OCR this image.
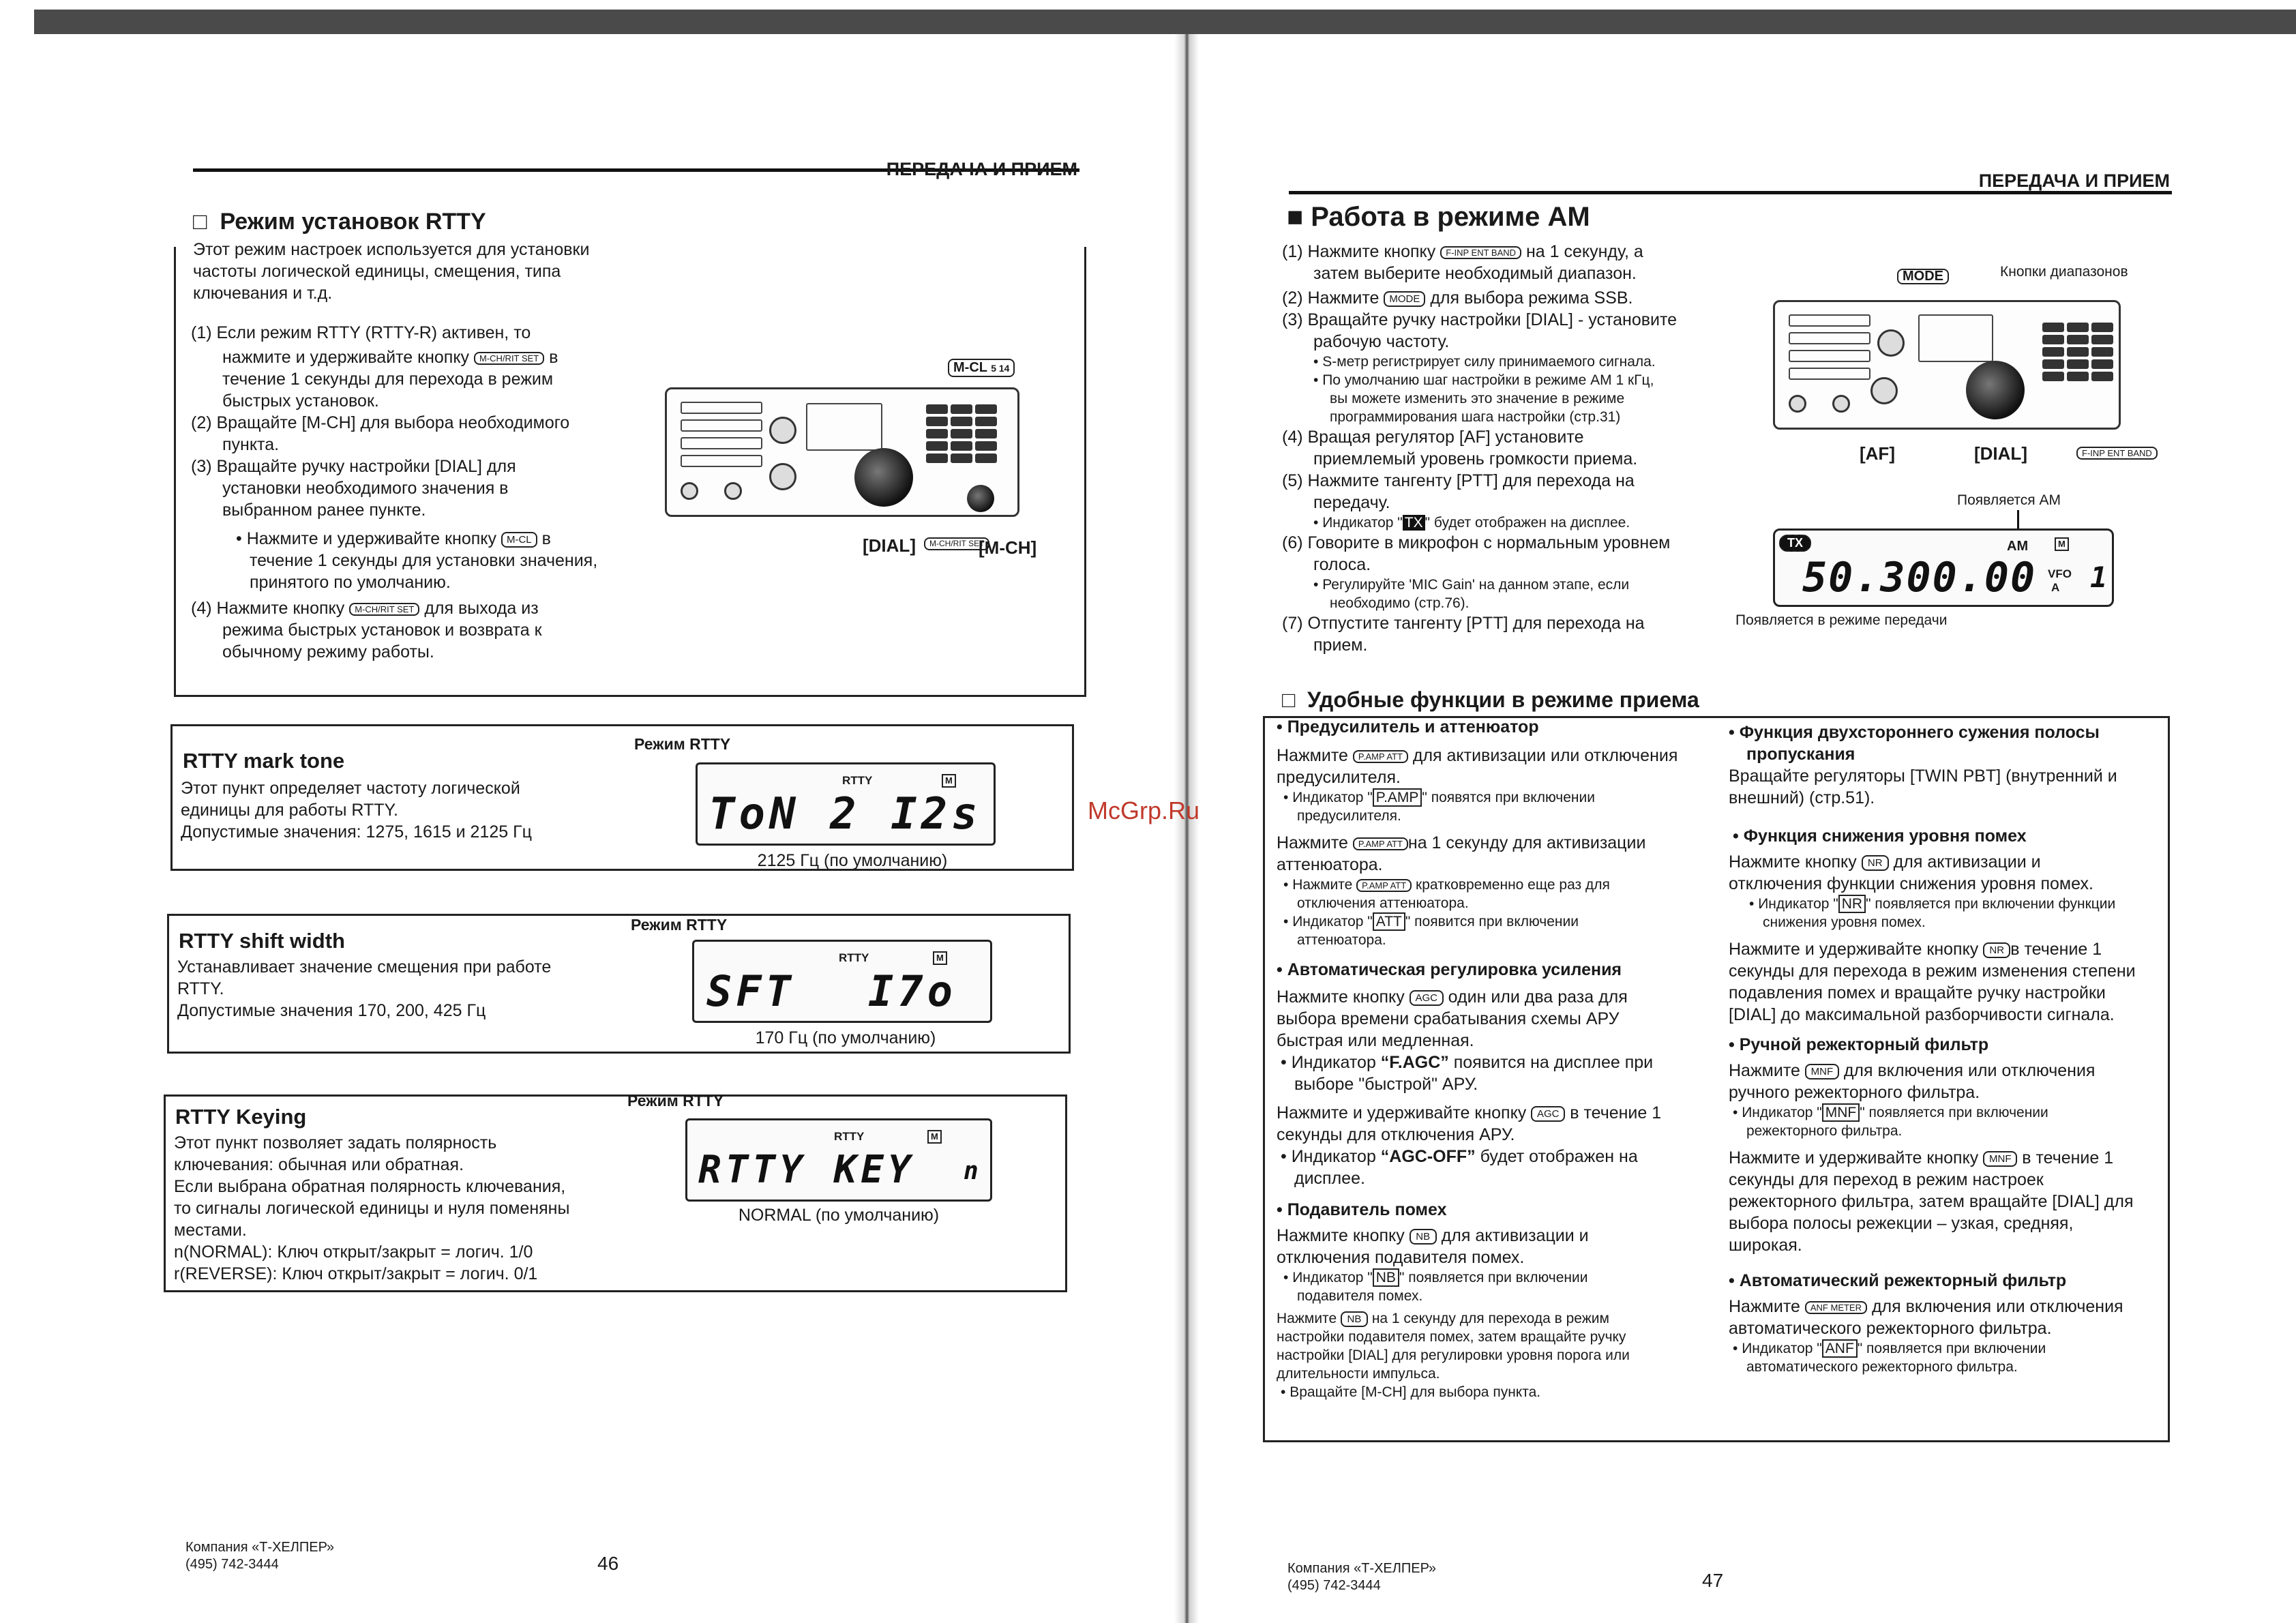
ПЕРЕДАЧА И ПРИЕМ
□  Режим установок RTTY
Этот режим настроек используется для установки
частоты логической единицы, смещения, типа
ключевания и т.д.
(1) Если режим RTTY (RTTY-R) активен, то
нажмите и удерживайте кнопку M-CH/RIT SET в
течение 1 секунды для перехода в режим
быстрых установок.
(2) Вращайте [M-CH] для выбора необходимого
пункта.
(3) Вращайте ручку настройки [DIAL] для
установки необходимого значения в
выбранном ранее пункте.
• Нажмите и удерживайте кнопку M-CL в
течение 1 секунды для установки значения,
принятого по умолчанию.
(4) Нажмите кнопку M-CH/RIT SET для выхода из
режима быстрых установок и возврата к
обычному режиму работы.
M-CL 5 14
[DIAL]	M-CH/RIT SET
[M-CH]
Режим RTTY
RTTY mark tone
Этот пункт определяет частоту логической
единицы для работы RTTY.
Допустимые значения: 1275, 1615 и 2125 Гц
RTTY	M
ToN 2 I2s
2125 Гц (по умолчанию)
Режим RTTY
RTTY shift width
Устанавливает значение смещения при работе
RTTY.
Допустимые значения 170, 200, 425 Гц
RTTY	M
SFT I7o
170 Гц (по умолчанию)
Режим RTTY
RTTY Keying
Этот пункт позволяет задать полярность
ключевания: обычная или обратная.
Если выбрана обратная полярность ключевания,
то сигналы логической единицы и нуля поменяны
местами.
n(NORMAL): Ключ открыт/закрыт = логич. 1/0
r(REVERSE): Ключ открыт/закрыт = логич. 0/1
RTTY	M
RTTY KEY n
NORMAL (по умолчанию)
Компания «Т-ХЕЛПЕР»
(495) 742-3444	46
McGrp.Ru
ПЕРЕДАЧА И ПРИЕМ
■ Работа в режиме AM
(1) Нажмите кнопку F-INP ENT BAND на 1 секунду, а
затем выберите необходимый диапазон.
(2) Нажмите MODE для выбора режима SSB.
(3) Вращайте ручку настройки [DIAL] - установите
рабочую частоту.
• S-метр регистрирует силу принимаемого сигнала.
• По умолчанию шаг настройки в режиме АМ 1 кГц,
вы можете изменить это значение в режиме
программирования шага настройки (стр.31)
(4) Вращая регулятор [AF] установите
приемлемый уровень громкости приема.
(5) Нажмите тангенту [PTT] для перехода на
передачу.
• Индикатор " TX " будет отображен на дисплее.
(6) Говорите в микрофон с нормальным уровнем
голоса.
• Регулируйте 'MIC Gain' на данном этапе, если
необходимо (стр.76).
(7) Отпустите тангенту [PTT] для перехода на
прием.
MODE	Кнопки диапазонов
[AF]	[DIAL]	F-INP ENT BAND
Появляется AM
TX	AM	M
50.300.00 VFO
A 1
Появляется в режиме передачи
□  Удобные функции в режиме приема
• Предусилитель и аттенюатор
Нажмите P.AMP ATT для активизации или отключения
предусилителя.
• Индикатор " P.AMP " появятся при включении
предусилителя.
Нажмите P.AMP ATT на 1 секунду для активизации
аттенюатора.
• Нажмите P.AMP ATT кратковременно еще раз для
отключения аттенюатора.
• Индикатор " ATT " появится при включении
аттенюатора.
• Автоматическая регулировка усиления
Нажмите кнопку AGC один или два раза для
выбора времени срабатывания схемы АРУ
быстрая или медленная.
• Индикатор “F.AGC” появится на дисплее при
выборе "быстрой" АРУ.
Нажмите и удерживайте кнопку AGC в течение 1
секунды для отключения АРУ.
• Индикатор “AGC-OFF” будет отображен на
дисплее.
• Подавитель помех
Нажмите кнопку NB для активизации и
отключения подавителя помех.
• Индикатор " NB " появляется при включении
подавителя помех.
Нажмите NB на 1 секунду для перехода в режим
настройки подавителя помех, затем вращайте ручку
настройки [DIAL] для регулировки уровня порога или
длительности импульса.
• Вращайте [M-CH] для выбора пункта.
• Функция двухстороннего сужения полосы
пропускания
Вращайте регуляторы [TWIN PBT] (внутренний и
внешний) (стр.51).
• Функция снижения уровня помех
Нажмите кнопку NR для активизации и
отключения функции снижения уровня помех.
• Индикатор " NR " появляется при включении функции
снижения уровня помех.
Нажмите и удерживайте кнопку NR в течение 1
секунды для перехода в режим изменения степени
подавления помех и вращайте ручку настройки
[DIAL] до максимальной разборчивости сигнала.
• Ручной режекторный фильтр
Нажмите MNF для включения или отключения
ручного режекторного фильтра.
• Индикатор " MNF " появляется при включении
режекторного фильтра.
Нажмите и удерживайте кнопку MNF в течение 1
секунды для переход в режим настроек
режекторного фильтра, затем вращайте [DIAL] для
выбора полосы режекции – узкая, средняя,
широкая.
• Автоматический режекторный фильтр
Нажмите ANF METER для включения или отключения
автоматического режекторного фильтра.
• Индикатор " ANF " появляется при включении
автоматического режекторного фильтра.
Компания «Т-ХЕЛПЕР»
(495) 742-3444	47
